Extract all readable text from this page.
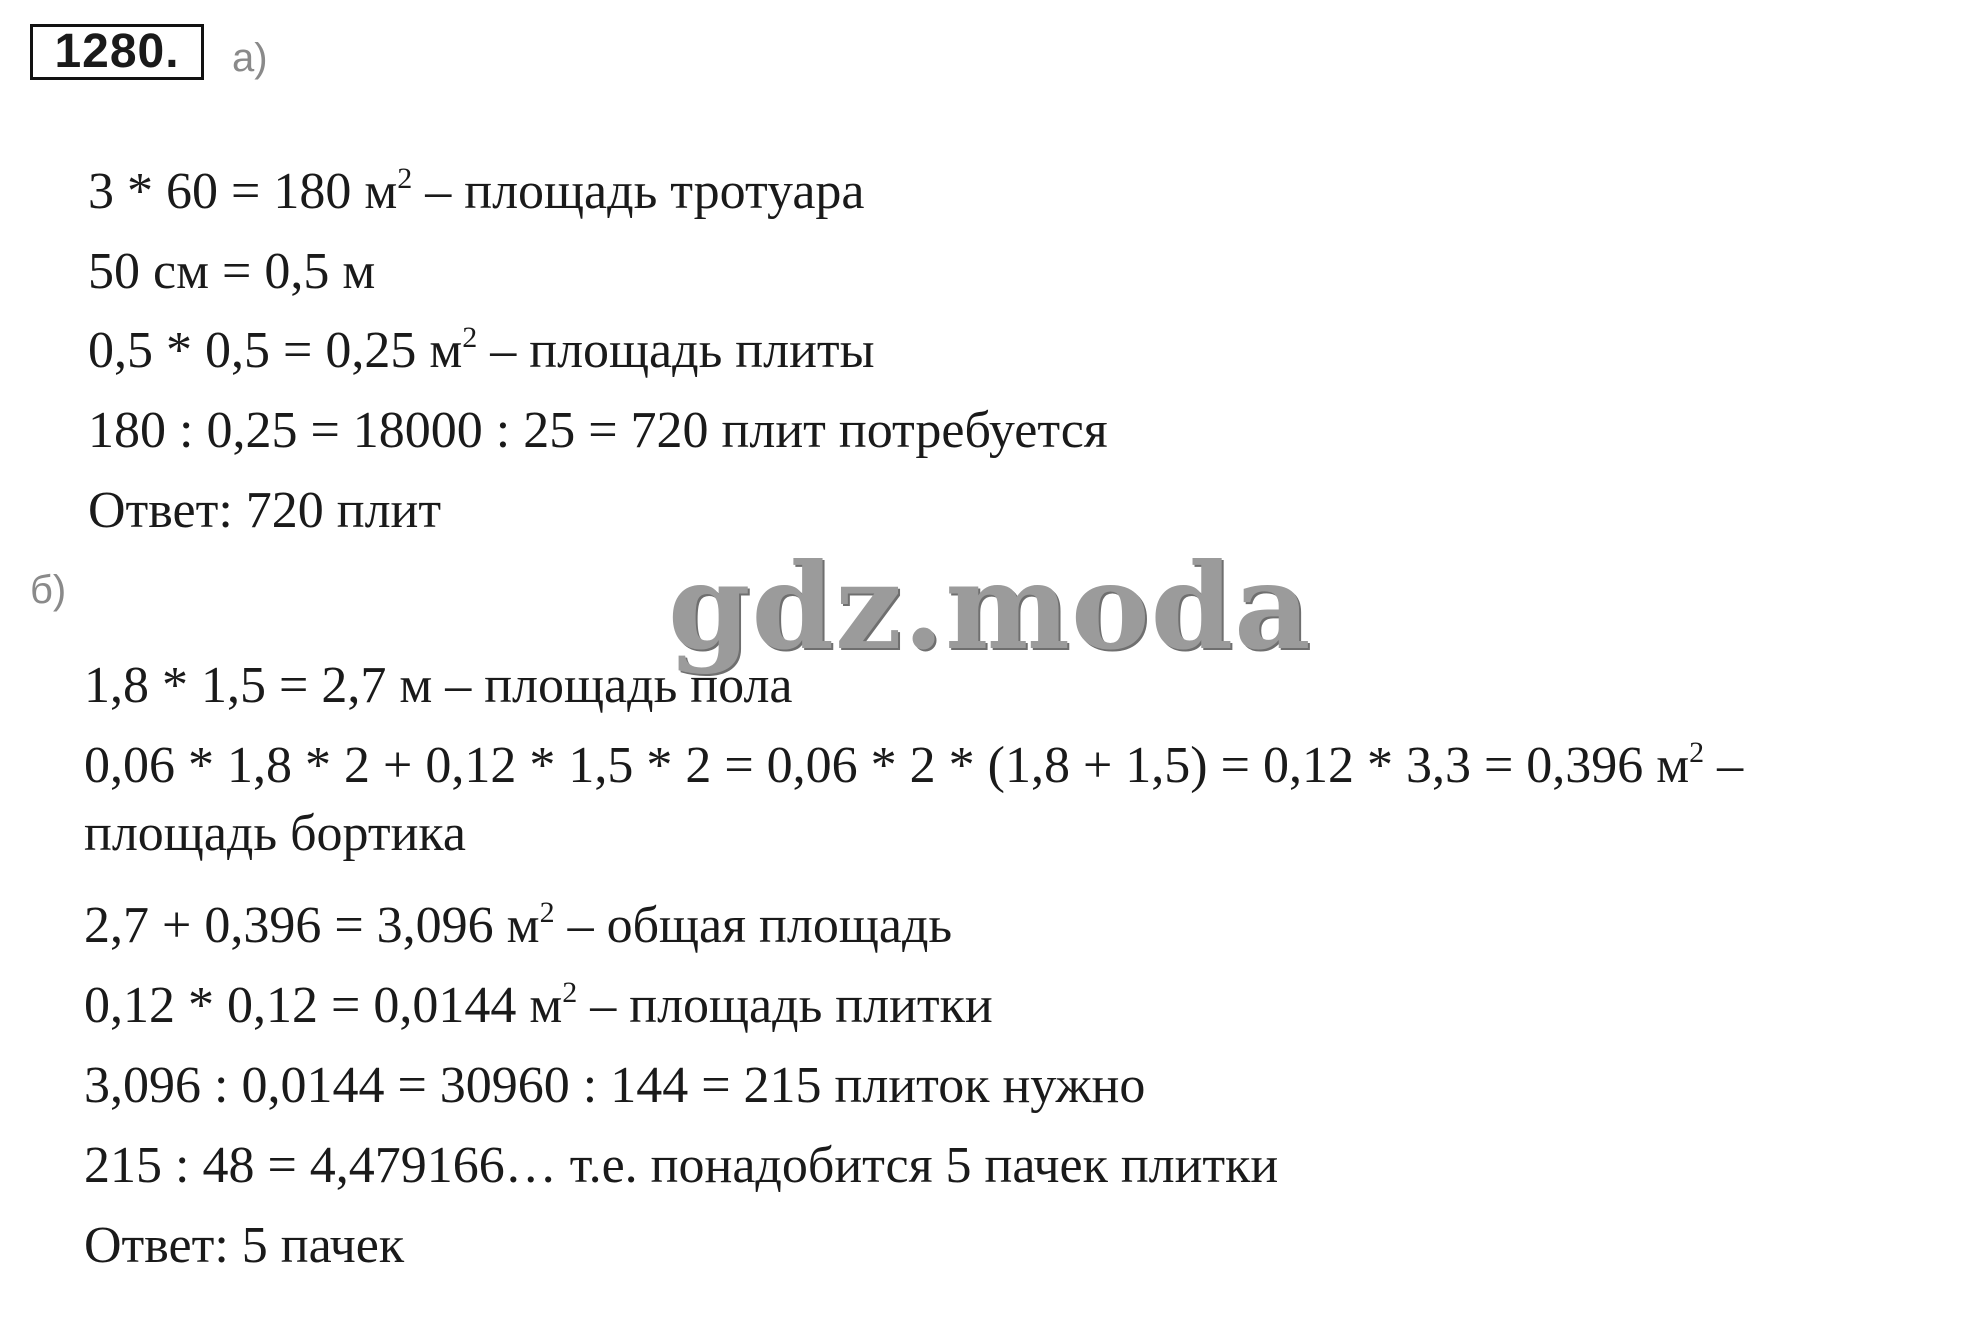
1280.	а)
3 * 60 = 180 $м^2$ – площадь тротуара
50 см = 0,5 м
0,5 * 0,5 = 0,25 $м^2$ – площадь плиты
180 : 0,25 = 18000 : 25 = 720 плит потребуется
Ответ: 720 плит
б)
1,8 * 1,5 = 2,7 м – площадь пола
0,06 * 1,8 * 2 + 0,12 * 1,5 * 2 = 0,06 * 2 * (1,8 + 1,5) = 0,12 * 3,3 = 0,396 $м^2$ –
площадь бортика
2,7 + 0,396 = 3,096 $м^2$ – общая площадь
0,12 * 0,12 = 0,0144 $м^2$ – площадь плитки
3,096 : 0,0144 = 30960 : 144 = 215 плиток нужно
215 : 48 = 4,479166… т.е. понадобится 5 пачек плитки
Ответ: 5 пачек
gdz.moda
